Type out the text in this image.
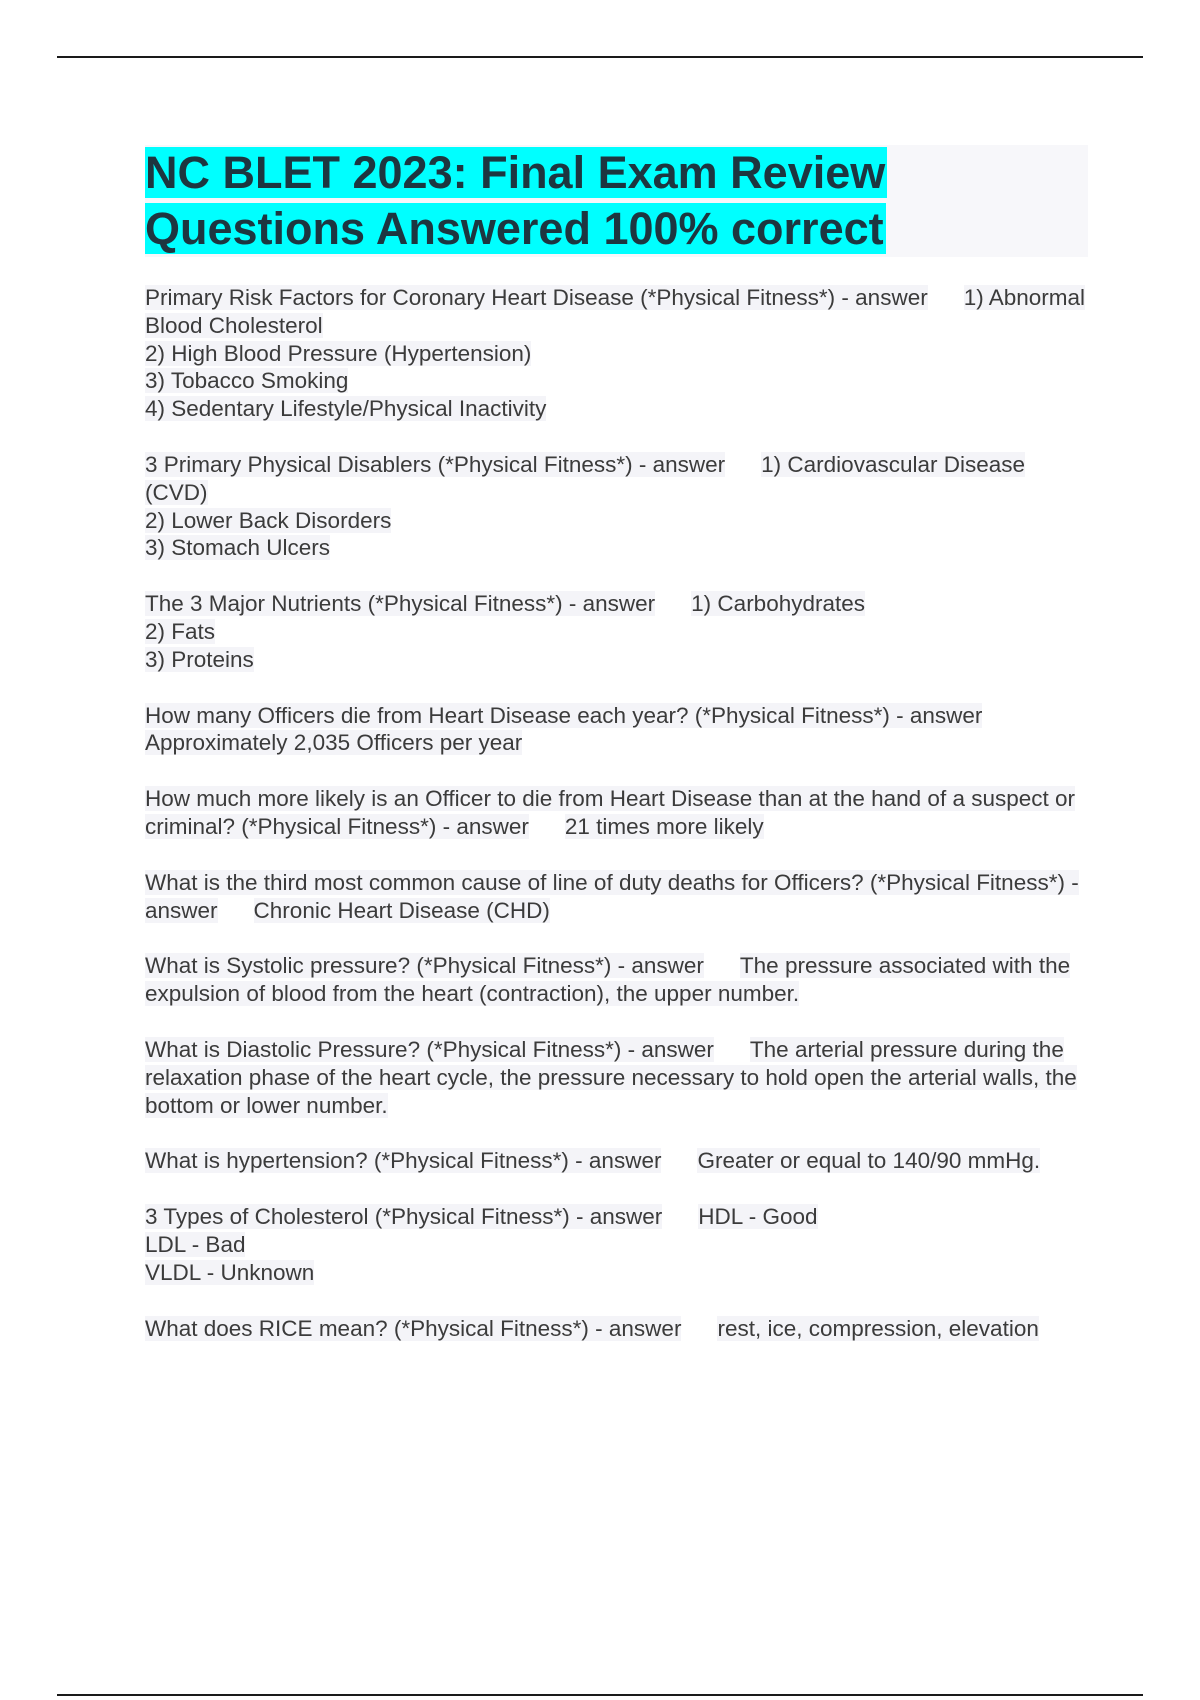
NC BLET 2023: Final Exam Review
Questions Answered 100% correct

Primary Risk Factors for Coronary Heart Disease (*Physical Fitness*) - answer 1) Abnormal Blood Cholesterol
2) High Blood Pressure (Hypertension)
3) Tobacco Smoking
4) Sedentary Lifestyle/Physical Inactivity

3 Primary Physical Disablers (*Physical Fitness*) - answer 1) Cardiovascular Disease (CVD)
2) Lower Back Disorders
3) Stomach Ulcers

The 3 Major Nutrients (*Physical Fitness*) - answer 1) Carbohydrates
2) Fats
3) Proteins

How many Officers die from Heart Disease each year? (*Physical Fitness*) - answerApproximately 2,035 Officers per year

How much more likely is an Officer to die from Heart Disease than at the hand of a suspect or criminal? (*Physical Fitness*) - answer 21 times more likely

What is the third most common cause of line of duty deaths for Officers? (*Physical Fitness*) - answer Chronic Heart Disease (CHD)

What is Systolic pressure? (*Physical Fitness*) - answer The pressure associated with the expulsion of blood from the heart (contraction), the upper number.

What is Diastolic Pressure? (*Physical Fitness*) - answer The arterial pressure during the relaxation phase of the heart cycle, the pressure necessary to hold open the arterial walls, the bottom or lower number.

What is hypertension? (*Physical Fitness*) - answer Greater or equal to 140/90 mmHg.

3 Types of Cholesterol (*Physical Fitness*) - answer HDL - Good
LDL - Bad
VLDL - Unknown

What does RICE mean? (*Physical Fitness*) - answer rest, ice, compression, elevation
